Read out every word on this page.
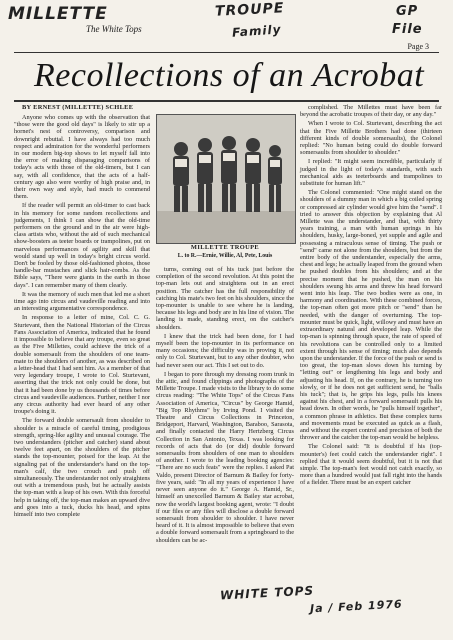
MILLETTE	TROUPE
Family
GP
File
The White Tops
Page 3
Recollections of an Acrobat
BY ERNEST (MILLETTE) SCHLEE

Anyone who comes up with the observation that "those were the good old days" is likely to stir up a hornet's nest of controversy, comparison and downright rebuttal. I have always had too much respect and admiration for the wonderful performers in our modern big-top shows to let myself fall into the error of making disparaging comparisons of today's acts with those of the old-timers, but I can say, with all confidence, that the acts of a half-century ago also were worthy of high praise and, in their own way and style, had much to commend them.

If the reader will permit an old-timer to cast back in his memory for some random recollections and judgements, I think I can show that the old-time performers on the ground and in the air were high-class artists who, without the aid of such mechanical show-boosters as teeter boards or trampolines, put on marvelous performances of agility and skill that would stand up well in today's bright circus world. Don't be fooled by those old-fashioned photos, those handle-bar mustaches and slick hair-combs. As the Bible says, "There were giants in the earth in those days". I can remember many of them clearly.

It was the memory of such men that led me a short time ago into circus and vaudeville reading and into an interesting argumentative correspondence.

In response to a letter of mine, Col. C. G. Sturtevant, then the National Historian of the Circus Fans Association of America, indicated that he found it impossible to believe that any troupe, even so great as the Five Millettes, could achieve the trick of a double somersault from the shoulders of one team-mate to the shoulders of another, as was described on a letter-head that I had sent him. As a member of that very legendary troupe, I wrote to Col. Sturtevant, asserting that the trick not only could be done, but that it had been done by us thousands of times before circus and vaudeville audiences. Further, neither I nor any circus authority had ever heard of any other troupe's doing it.

The forward double somersault from shoulder to shoulder is a miracle of careful timing, prodigious strength, spring-like agility and unusual courage. The two understanders (pitcher and catcher) stand about twelve feet apart, on the shoulders of the pitcher stands the top-mounter, poised for the leap. At the signaling pat of the understander's hand on the top-man's calf, the two crouch and push off simultaneously. The understander not only straightens out with a tremendous push, but he actually assists the top-man with a leap of his own. With this forceful help in taking off, the top-man makes an upward dive and goes into a tuck, ducks his head, and spins himself into two complete

MILLETTE TROUPE
L. to R.—Ernie, Willie, Al, Pete, Louis

turns, coming out of his tuck just before the completion of the second revolution. At this point the top-man lets out and straightens out in an erect position. The catcher has the full responsibility of catching his mate's two feet on his shoulders, since the top-mounter is unable to see where he is landing, because his legs and body are in his line of vision. The landing is made, standing erect, on the catcher's shoulders.

I knew that the trick had been done, for I had myself been the top-mounter in its performance on many occasions; the difficulty was in proving it, not only to Col. Sturtevant, but to any other doubter, who had never seen our act. This I set out to do.

I began to pore through my dressing room trunk in the attic, and found clippings and photographs of the Millette Troupe. I made visits to the library to do some circus reading: "The White Tops" of the Circus Fans Association of America, "Circus" by George Hamid, "Big Top Rhythms" by Irving Pond. I visited the Theatre and Circus Collections in Princeton, Bridgeport, Harvard, Washington, Baraboo, Sarasota, and finally contacted the Harry Hertzberg Circus Collection in San Antonio, Texas. I was looking for records of acts that do (or did) double forward somersaults from shoulders of one man to shoulders of another. I wrote to the leading booking agencies: "There are no such feats" were the replies. I asked Pat Valdo, present Director of Barnum & Bailey for forty-five years, said: "In all my years of experience I have never seen anyone do it." George A. Hamid, Sr., himself an unexcelled Barnum & Bailey star acrobat, now the world's largest booking agent, wrote: "I doubt if our files or any files will disclose a double forward somersault from shoulder to shoulder. I have never heard of it. It is almost impossible to believe that even a double forward somersault from a springboard to the shoulders can be ac-

complished. The Millettes must have been far beyond the acrobatic troupes of their day, or any day."

When I wrote to Col. Sturtevant, describing the act that the Five Millette Brothers had done (thirteen different kinds of double somersaults), the Colonel replied: "No human being could do double forward somersaults from shoulder to shoulder."

I replied: "It might seem incredible, particularly if judged in the light of today's standards, with such mechanical aids as teeterboards and trampolines to substitute for human lift."

The Colonel commented: "One might stand on the shoulders of a dummy man in which a big coiled spring or compressed air cylinder would give him the "send". I tried to answer this objection by explaining that Al Millette was the understander, and that, with thirty years training, a man with human springs in his shoulders, husky, large-boned, yet supple and agile and possessing a miraculous sense of timing. The push or "send" came not alone from the shoulders, but from the entire body of the understander, especially the arms, chest and legs; he actually leaped from the ground when he pushed doubles from his shoulders; and at the precise moment that he pushed, the man on his shoulders swung his arms and threw his head forward went into his leap. The two bodies were as one, in harmony and coordination. With these combined forces, the top-man often got more pitch or "send" than he needed, with the danger of overturning. The top-mounter must be quick, light, willowy and must have an extraordinary natural and developed leap. While the top-man is spinning through space, the rate of speed of his revolutions can be controlled only to a limited extent through his sense of timing; much also depends upon the understander. If the force of the push or send is too great, the top-man slows down his turning by "letting out" or lengthening his legs and body and adjusting his head. If, on the contrary, he is turning too slowly, or if he does not get sufficient send, he "balls his tuck"; that is, he grips his legs, pulls his knees against his chest, and in a forward somersault pulls his head down. In other words, he "pulls himself together", a common phrase in athletics. But these complex turns and movements must be executed as quick as a flash, and without the expert control and precision of both the thrower and the catcher the top-man would be helpless.

The Colonel said: "It is doubtful if his (top-mounter's) feet could catch the understander right". I replied that it would seem doubtful, but it is not that simple. The top-man's feet would not catch exactly, so more than a hundred would just fall right into the hands of a fielder. There must be an expert catcher

WHITE TOPS
Ja / Feb 1976
